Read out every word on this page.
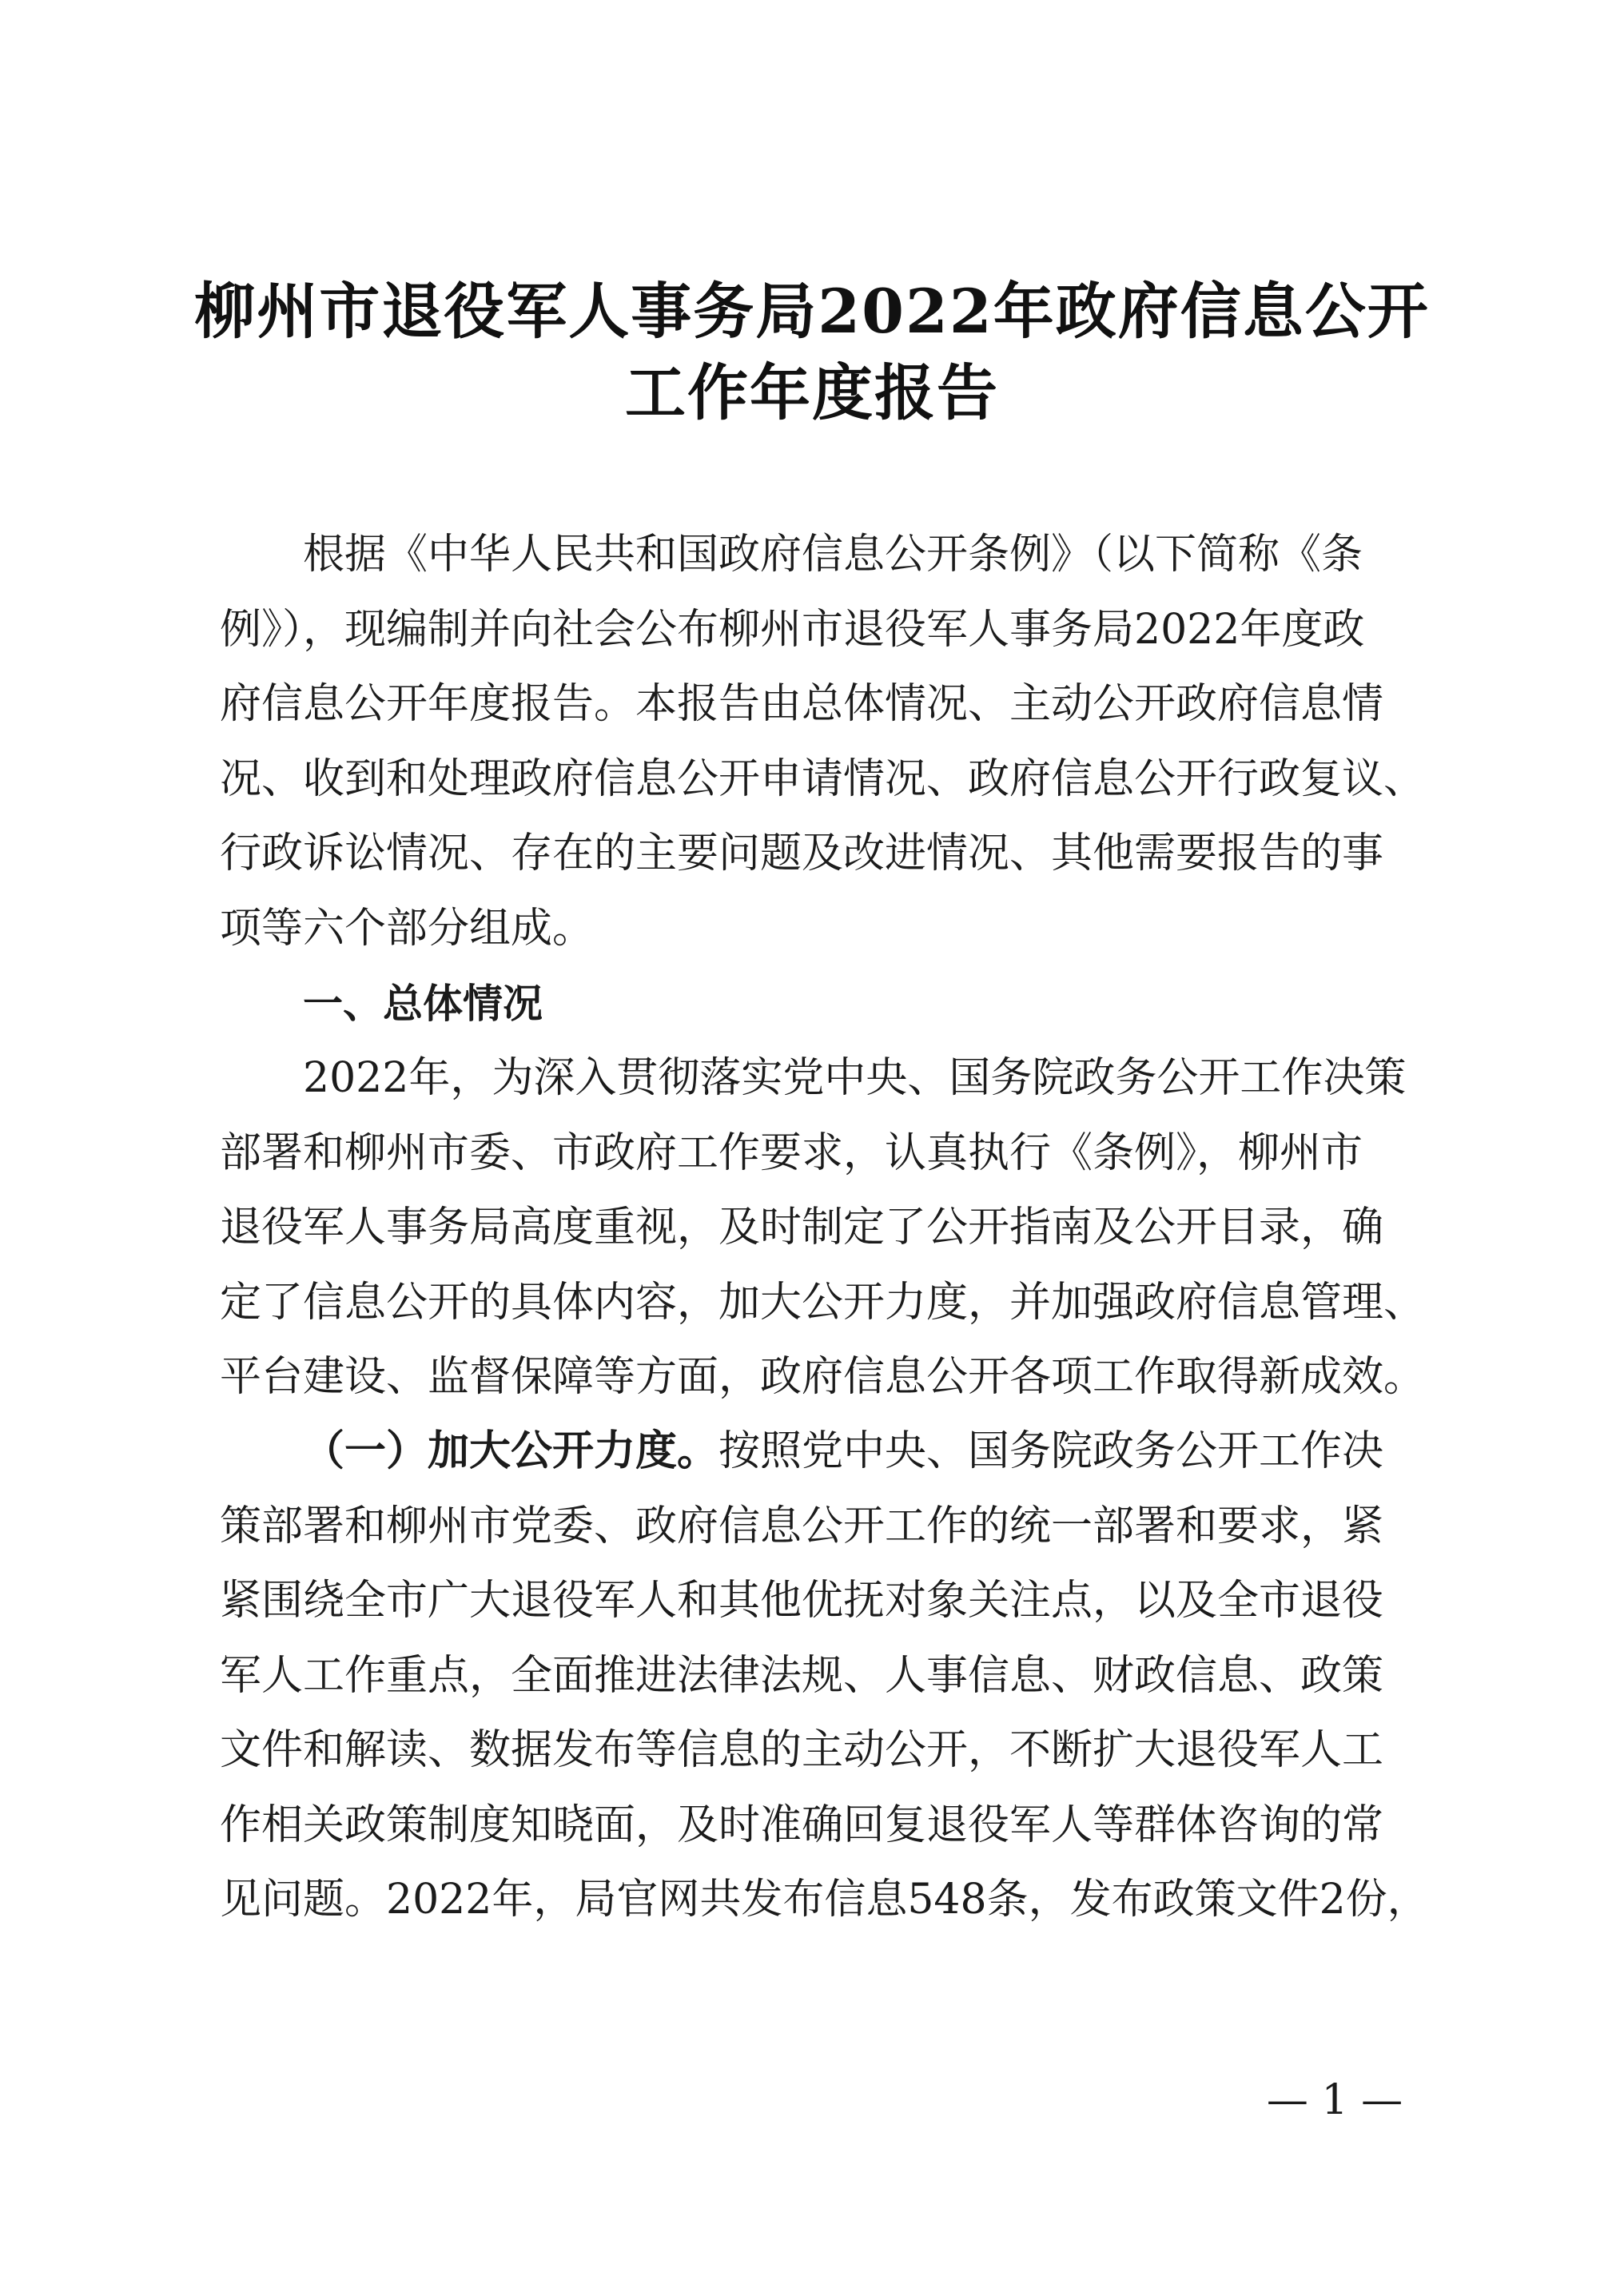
柳州市退役军人事务局2022年政府信息公开
工作年度报告
根据《中华人民共和国政府信息公开条例》（以下简称《条
例》），现编制并向社会公布柳州市退役军人事务局2022年度政
府信息公开年度报告。本报告由总体情况、主动公开政府信息情
况、收到和处理政府信息公开申请情况、政府信息公开行政复议、
行政诉讼情况、存在的主要问题及改进情况、其他需要报告的事
项等六个部分组成。
一、总体情况
2022年，为深入贯彻落实党中央、国务院政务公开工作决策
部署和柳州市委、市政府工作要求，认真执行《条例》，柳州市
退役军人事务局高度重视，及时制定了公开指南及公开目录，确
定了信息公开的具体内容，加大公开力度，并加强政府信息管理、
平台建设、监督保障等方面，政府信息公开各项工作取得新成效。
（一）加大公开力度。按照党中央、国务院政务公开工作决
策部署和柳州市党委、政府信息公开工作的统一部署和要求，紧
紧围绕全市广大退役军人和其他优抚对象关注点，以及全市退役
军人工作重点，全面推进法律法规、人事信息、财政信息、政策
文件和解读、数据发布等信息的主动公开，不断扩大退役军人工
作相关政策制度知晓面，及时准确回复退役军人等群体咨询的常
见问题。2022年，局官网共发布信息548条，发布政策文件2份，
— 1 —
